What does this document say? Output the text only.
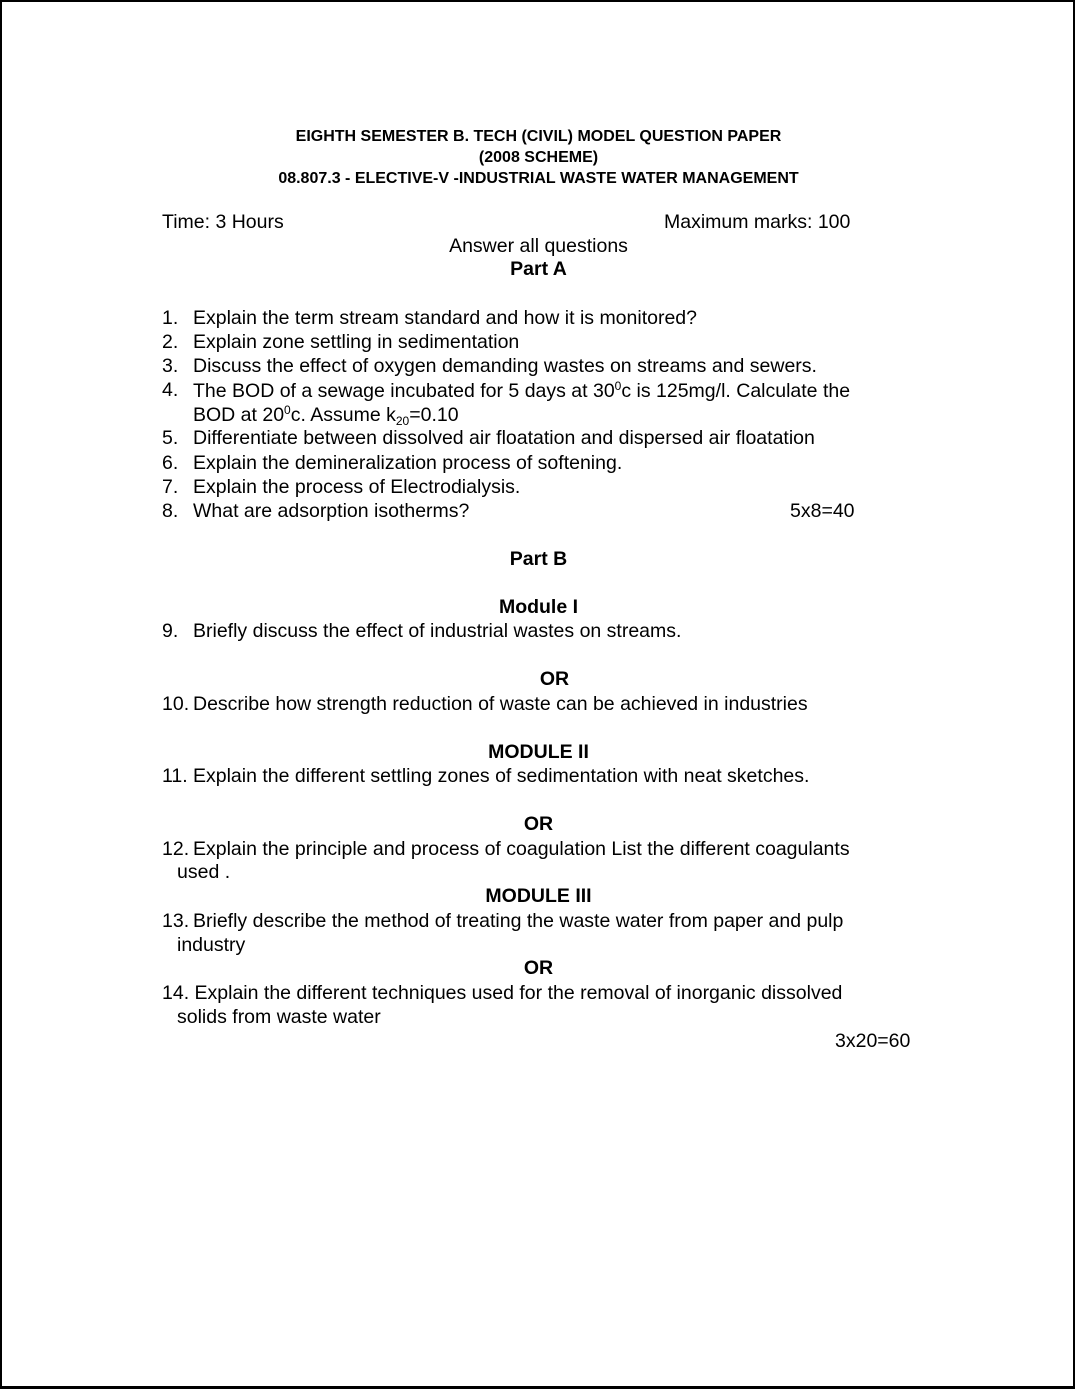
EIGHTH SEMESTER B. TECH (CIVIL) MODEL QUESTION PAPER
(2008 SCHEME)
08.807.3 - ELECTIVE-V -INDUSTRIAL WASTE WATER MANAGEMENT
Time: 3 Hours	Maximum marks: 100
Answer all questions
Part A
1. Explain the term stream standard and how it is monitored?
2. Explain zone settling in sedimentation
3. Discuss the effect of oxygen demanding wastes on streams and sewers.
4. The BOD of a sewage incubated for 5 days at $30^0c$ is 125mg/l. Calculate the
BOD at $20^0c$. Assume $k_{20}=0.10$
5. Differentiate between dissolved air floatation and dispersed air floatation
6. Explain the demineralization process of softening.
7. Explain the process of Electrodialysis.
8. What are adsorption isotherms?	5x8=40
Part B
Module I
9. Briefly discuss the effect of industrial wastes on streams.
OR
10. Describe how strength reduction of waste can be achieved in industries
MODULE II
11. Explain the different settling zones of sedimentation with neat sketches.
OR
12. Explain the principle and process of coagulation List the different coagulants
used .
MODULE III
13. Briefly describe the method of treating the waste water from paper and pulp
industry
OR
14. Explain the different techniques used for the removal of inorganic dissolved
solids from waste water
3x20=60
